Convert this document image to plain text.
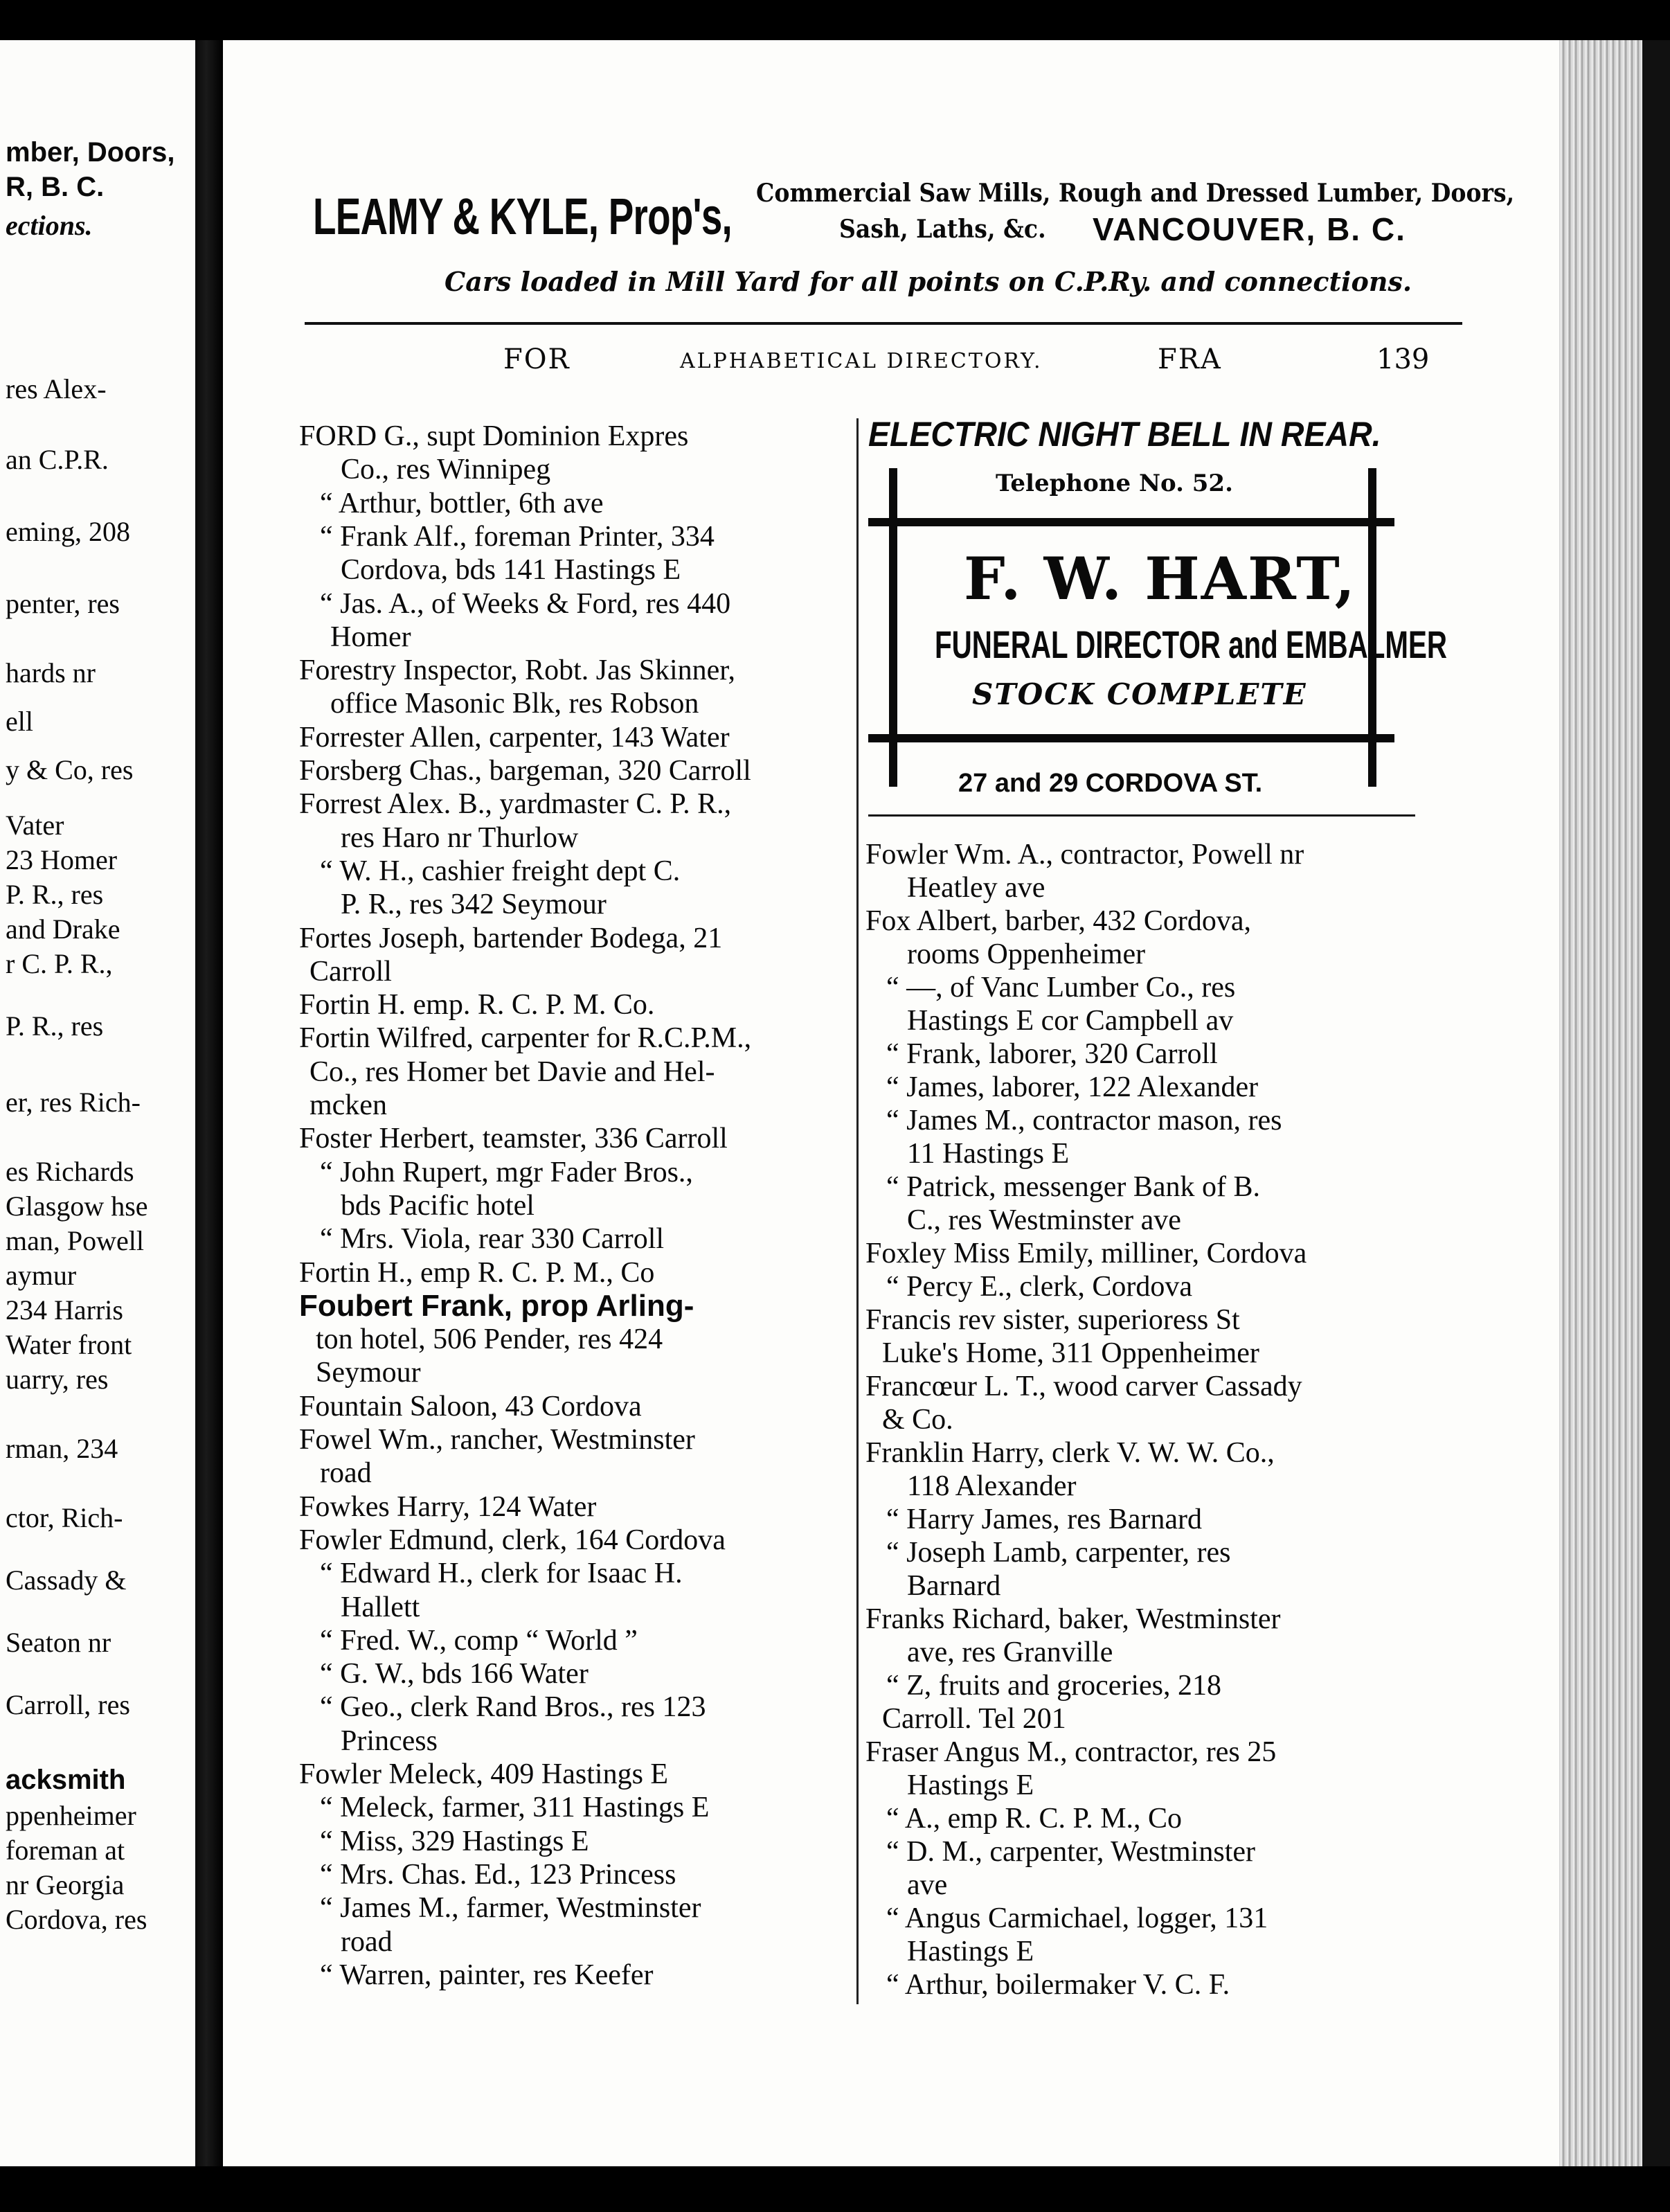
mber, Doors,
R, B. C.
ections.
res Alex-
an C.P.R.
eming, 208
penter, res
hards nr
ell
y & Co, res
Vater
23 Homer
P. R., res
and Drake
r C. P. R.,
P. R., res
er, res Rich-
es Richards
Glasgow hse
man, Powell
aymur
234 Harris
Water front
uarry, res
rman, 234
ctor, Rich-
Cassady &
Seaton nr
Carroll, res
acksmith
ppenheimer
foreman at
nr Georgia
Cordova, res
LEAMY & KYLE, Prop's, Commercial Saw Mills, Rough and Dressed Lumber, Doors,
Sash, Laths, &c. VANCOUVER, B. C.
Cars loaded in Mill Yard for all points on C.P.Ry. and connections.
FOR	ALPHABETICAL DIRECTORY.	FRA	139
FORD G., supt Dominion Expres
Co., res Winnipeg
“ Arthur, bottler, 6th ave
“ Frank Alf., foreman Printer, 334
Cordova, bds 141 Hastings E
“ Jas. A., of Weeks & Ford, res 440
Homer
Forestry Inspector, Robt. Jas Skinner,
office Masonic Blk, res Robson
Forrester Allen, carpenter, 143 Water
Forsberg Chas., bargeman, 320 Carroll
Forrest Alex. B., yardmaster C. P. R.,
res Haro nr Thurlow
“ W. H., cashier freight dept C.
P. R., res 342 Seymour
Fortes Joseph, bartender Bodega, 21
Carroll
Fortin H. emp. R. C. P. M. Co.
Fortin Wilfred, carpenter for R.C.P.M.,
Co., res Homer bet Davie and Hel-
mcken
Foster Herbert, teamster, 336 Carroll
“ John Rupert, mgr Fader Bros.,
bds Pacific hotel
“ Mrs. Viola, rear 330 Carroll
Fortin H., emp R. C. P. M., Co
Foubert Frank, prop Arling-
ton hotel, 506 Pender, res 424
Seymour
Fountain Saloon, 43 Cordova
Fowel Wm., rancher, Westminster
road
Fowkes Harry, 124 Water
Fowler Edmund, clerk, 164 Cordova
“ Edward H., clerk for Isaac H.
Hallett
“ Fred. W., comp “ World ”
“ G. W., bds 166 Water
“ Geo., clerk Rand Bros., res 123
Princess
Fowler Meleck, 409 Hastings E
“ Meleck, farmer, 311 Hastings E
“ Miss, 329 Hastings E
“ Mrs. Chas. Ed., 123 Princess
“ James M., farmer, Westminster
road
“ Warren, painter, res Keefer
ELECTRIC NIGHT BELL IN REAR.
Telephone No. 52.
F. W. HART,
FUNERAL DIRECTOR and EMBALMER
STOCK COMPLETE
27 and 29 CORDOVA ST.
Fowler Wm. A., contractor, Powell nr
Heatley ave
Fox Albert, barber, 432 Cordova,
rooms Oppenheimer
“ —, of Vanc Lumber Co., res
Hastings E cor Campbell av
“ Frank, laborer, 320 Carroll
“ James, laborer, 122 Alexander
“ James M., contractor mason, res
11 Hastings E
“ Patrick, messenger Bank of B.
C., res Westminster ave
Foxley Miss Emily, milliner, Cordova
“ Percy E., clerk, Cordova
Francis rev sister, superioress St
Luke's Home, 311 Oppenheimer
Francœur L. T., wood carver Cassady
& Co.
Franklin Harry, clerk V. W. W. Co.,
118 Alexander
“ Harry James, res Barnard
“ Joseph Lamb, carpenter, res
Barnard
Franks Richard, baker, Westminster
ave, res Granville
“ Z, fruits and groceries, 218
Carroll. Tel 201
Fraser Angus M., contractor, res 25
Hastings E
“ A., emp R. C. P. M., Co
“ D. M., carpenter, Westminster
ave
“ Angus Carmichael, logger, 131
Hastings E
“ Arthur, boilermaker V. C. F.
